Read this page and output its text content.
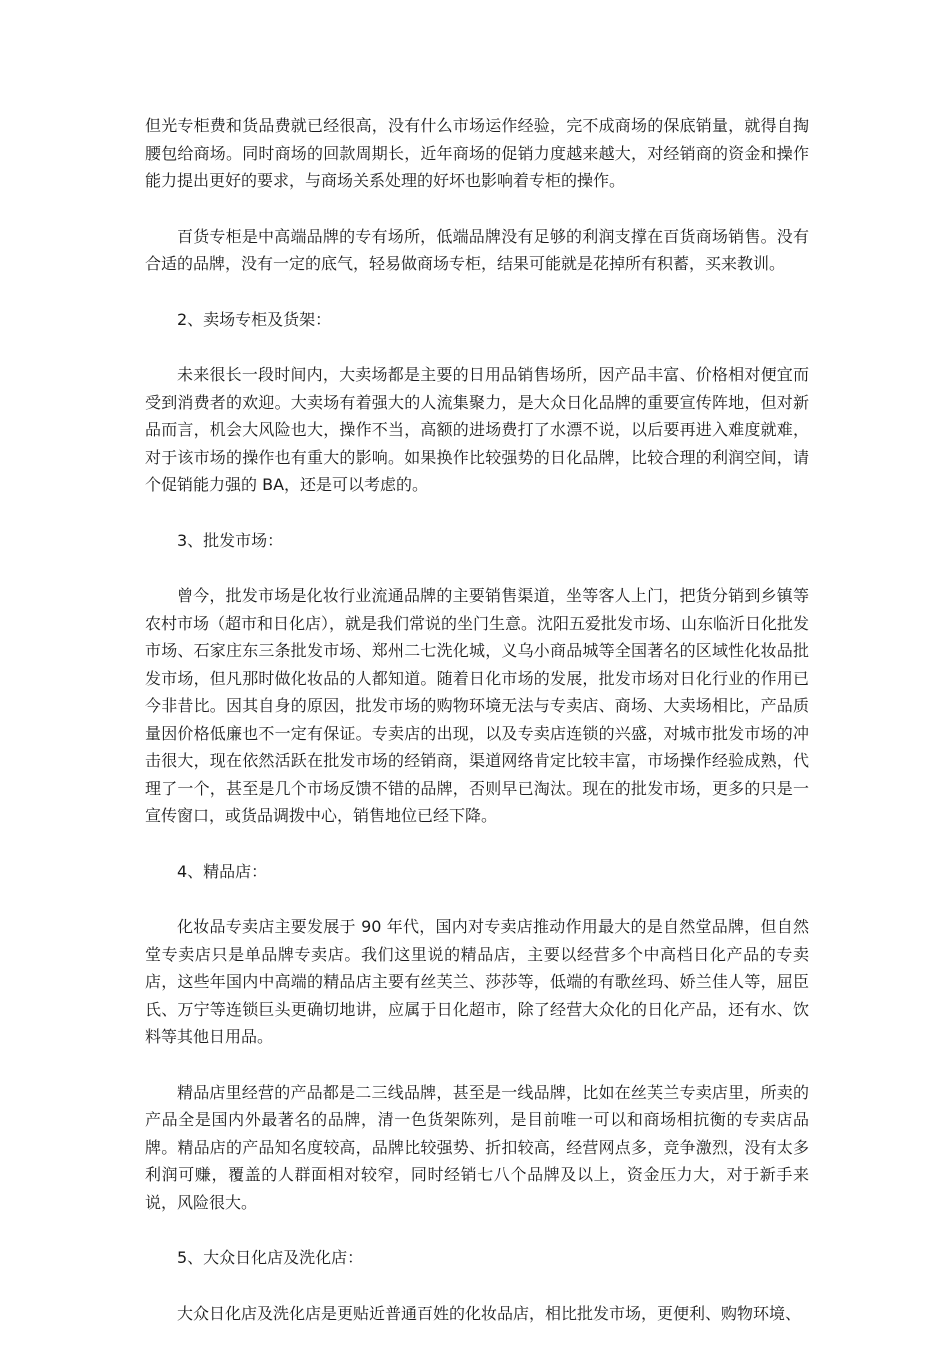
但光专柜费和货品费就已经很高，没有什么市场运作经验，完不成商场的保底销量，就得自掏腰包给商场。同时商场的回款周期长，近年商场的促销力度越来越大，对经销商的资金和操作能力提出更好的要求，与商场关系处理的好坏也影响着专柜的操作。

百货专柜是中高端品牌的专有场所，低端品牌没有足够的利润支撑在百货商场销售。没有合适的品牌，没有一定的底气，轻易做商场专柜，结果可能就是花掉所有积蓄，买来教训。

2、卖场专柜及货架：

未来很长一段时间内，大卖场都是主要的日用品销售场所，因产品丰富、价格相对便宜而受到消费者的欢迎。大卖场有着强大的人流集聚力，是大众日化品牌的重要宣传阵地，但对新品而言，机会大风险也大，操作不当，高额的进场费打了水漂不说，以后要再进入难度就难，对于该市场的操作也有重大的影响。如果换作比较强势的日化品牌，比较合理的利润空间，请个促销能力强的 BA，还是可以考虑的。

3、批发市场：

曾今，批发市场是化妆行业流通品牌的主要销售渠道，坐等客人上门，把货分销到乡镇等农村市场（超市和日化店），就是我们常说的坐门生意。沈阳五爱批发市场、山东临沂日化批发市场、石家庄东三条批发市场、郑州二七洗化城，义乌小商品城等全国著名的区域性化妆品批发市场，但凡那时做化妆品的人都知道。随着日化市场的发展，批发市场对日化行业的作用已今非昔比。因其自身的原因，批发市场的购物环境无法与专卖店、商场、大卖场相比，产品质量因价格低廉也不一定有保证。专卖店的出现，以及专卖店连锁的兴盛，对城市批发市场的冲击很大，现在依然活跃在批发市场的经销商，渠道网络肯定比较丰富，市场操作经验成熟，代理了一个，甚至是几个市场反馈不错的品牌，否则早已淘汰。现在的批发市场，更多的只是一宣传窗口，或货品调拨中心，销售地位已经下降。

4、精品店：

化妆品专卖店主要发展于 90 年代，国内对专卖店推动作用最大的是自然堂品牌，但自然堂专卖店只是单品牌专卖店。我们这里说的精品店，主要以经营多个中高档日化产品的专卖店，这些年国内中高端的精品店主要有丝芙兰、莎莎等，低端的有歌丝玛、娇兰佳人等，屈臣氏、万宁等连锁巨头更确切地讲，应属于日化超市，除了经营大众化的日化产品，还有水、饮料等其他日用品。

精品店里经营的产品都是二三线品牌，甚至是一线品牌，比如在丝芙兰专卖店里，所卖的产品全是国内外最著名的品牌，清一色货架陈列，是目前唯一可以和商场相抗衡的专卖店品牌。精品店的产品知名度较高，品牌比较强势、折扣较高，经营网点多，竞争激烈，没有太多利润可赚，覆盖的人群面相对较窄，同时经销七八个品牌及以上，资金压力大，对于新手来说，风险很大。

5、大众日化店及洗化店：

大众日化店及洗化店是更贴近普通百姓的化妆品店，相比批发市场，更便利、购物环境、
